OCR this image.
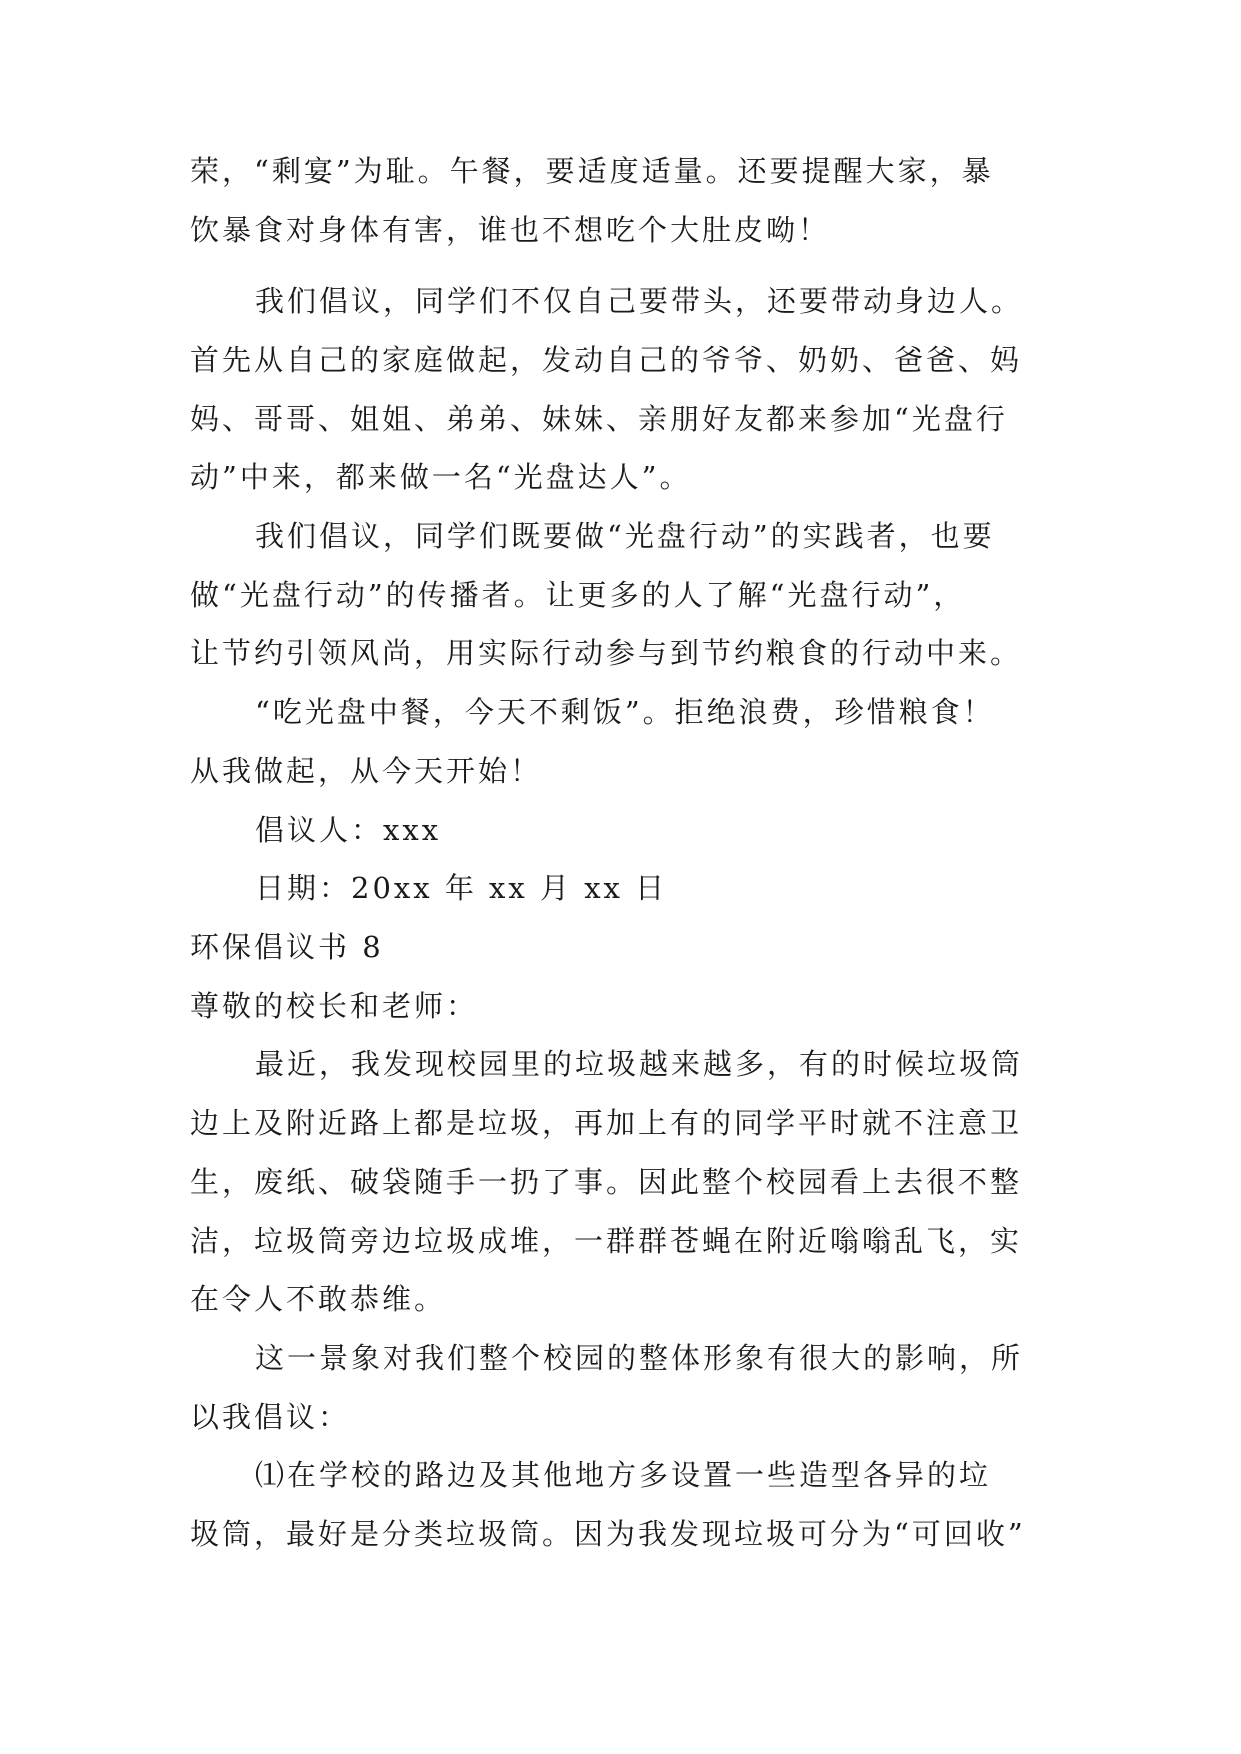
荣，“剩宴”为耻。午餐，要适度适量。还要提醒大家，暴
饮暴食对身体有害，谁也不想吃个大肚皮呦！
我们倡议，同学们不仅自己要带头，还要带动身边人。
首先从自己的家庭做起，发动自己的爷爷、奶奶、爸爸、妈
妈、哥哥、姐姐、弟弟、妹妹、亲朋好友都来参加“光盘行
动”中来，都来做一名“光盘达人”。
我们倡议，同学们既要做“光盘行动”的实践者，也要
做“光盘行动”的传播者。让更多的人了解“光盘行动”，
让节约引领风尚，用实际行动参与到节约粮食的行动中来。
“吃光盘中餐，今天不剩饭”。拒绝浪费，珍惜粮食！
从我做起，从今天开始！
倡议人：xxx
日期：20xx 年 xx 月 xx 日
环保倡议书 8
尊敬的校长和老师：
最近，我发现校园里的垃圾越来越多，有的时候垃圾筒
边上及附近路上都是垃圾，再加上有的同学平时就不注意卫
生，废纸、破袋随手一扔了事。因此整个校园看上去很不整
洁，垃圾筒旁边垃圾成堆，一群群苍蝇在附近嗡嗡乱飞，实
在令人不敢恭维。
这一景象对我们整个校园的整体形象有很大的影响，所
以我倡议：
⑴在学校的路边及其他地方多设置一些造型各异的垃
圾筒，最好是分类垃圾筒。因为我发现垃圾可分为“可回收”
